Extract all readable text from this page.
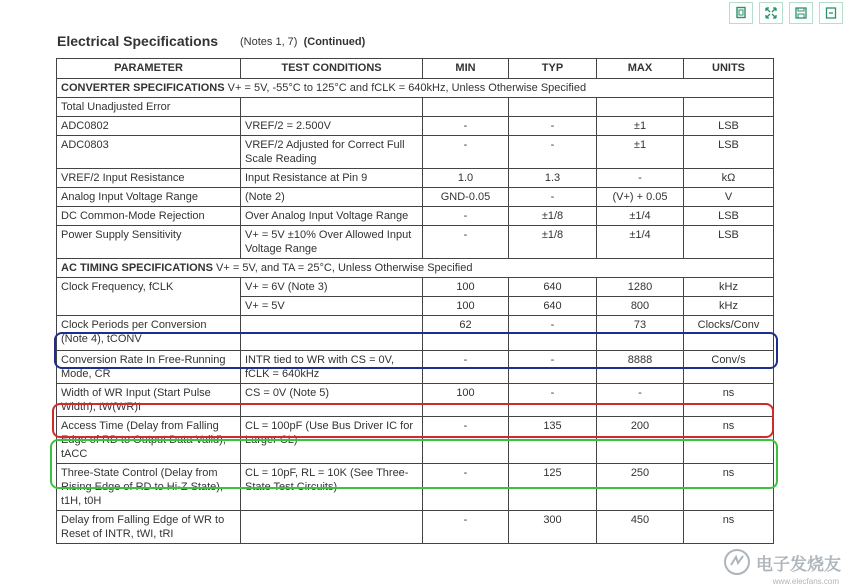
Electrical Specifications (Notes 1, 7) (Continued)
PARAMETER	TEST CONDITIONS	MIN	TYP	MAX	UNITS
CONVERTER SPECIFICATIONS V+ = 5V, -55°C to 125°C and fCLK = 640kHz, Unless Otherwise Specified					
Total Unadjusted Error					
ADC0802	VREF/2 = 2.500V	-	-	±1	LSB
ADC0803	VREF/2 Adjusted for Correct Full Scale Reading	-	-	±1	LSB
VREF/2 Input Resistance	Input Resistance at Pin 9	1.0	1.3	-	kΩ
Analog Input Voltage Range	(Note 2)	GND-0.05	-	(V+) + 0.05	V
DC Common-Mode Rejection	Over Analog Input Voltage Range	-	±1/8	±1/4	LSB
Power Supply Sensitivity	V+ = 5V ±10% Over Allowed Input Voltage Range	-	±1/8	±1/4	LSB
AC TIMING SPECIFICATIONS V+ = 5V, and TA = 25°C, Unless Otherwise Specified					
Clock Frequency, fCLK	V+ = 6V (Note 3)	100	640	1280	kHz
	V+ = 5V	100	640	800	kHz
Clock Periods per Conversion (Note 4), tCONV		62	-	73	Clocks/Conv
Conversion Rate In Free-Running Mode, CR	INTR tied to WR with CS = 0V, fCLK = 640kHz	-	-	8888	Conv/s
Width of WR Input (Start Pulse Width), tW(WR)I	CS = 0V (Note 5)	100	-	-	ns
Access Time (Delay from Falling Edge of RD to Output Data Valid), tACC	CL = 100pF (Use Bus Driver IC for Larger CL)	-	135	200	ns
Three-State Control (Delay from Rising Edge of RD to Hi-Z State), t1H, t0H	CL = 10pF, RL = 10K (See Three-State Test Circuits)	-	125	250	ns
Delay from Falling Edge of WR to Reset of INTR, tWI, tRI		-	300	450	ns
电子发烧友
www.elecfans.com
